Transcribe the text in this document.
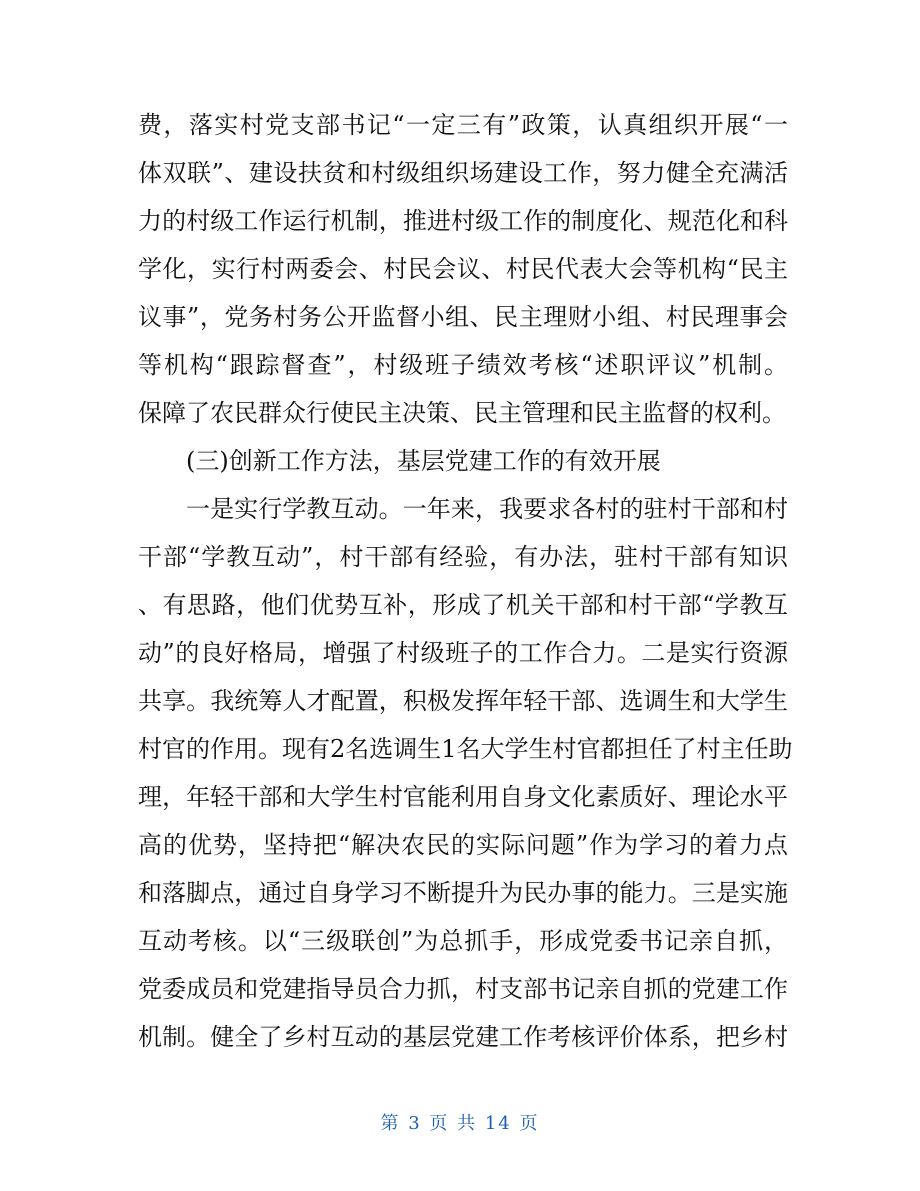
费，落实村党支部书记“一定三有”政策，认真组织开展“一
体双联”、建设扶贫和村级组织场建设工作，努力健全充满活
力的村级工作运行机制，推进村级工作的制度化、规范化和科
学化，实行村两委会、村民会议、村民代表大会等机构“民主
议事”，党务村务公开监督小组、民主理财小组、村民理事会
等机构“跟踪督查”，村级班子绩效考核“述职评议”机制。
保障了农民群众行使民主决策、民主管理和民主监督的权利。
(三)创新工作方法，基层党建工作的有效开展
一是实行学教互动。一年来，我要求各村的驻村干部和村
干部“学教互动”，村干部有经验，有办法，驻村干部有知识
、有思路，他们优势互补，形成了机关干部和村干部“学教互
动”的良好格局，增强了村级班子的工作合力。二是实行资源
共享。我统筹人才配置，积极发挥年轻干部、选调生和大学生
村官的作用。现有2名选调生1名大学生村官都担任了村主任助
理，年轻干部和大学生村官能利用自身文化素质好、理论水平
高的优势，坚持把“解决农民的实际问题”作为学习的着力点
和落脚点，通过自身学习不断提升为民办事的能力。三是实施
互动考核。以“三级联创”为总抓手，形成党委书记亲自抓，
党委成员和党建指导员合力抓，村支部书记亲自抓的党建工作
机制。健全了乡村互动的基层党建工作考核评价体系，把乡村
第 3 页 共 14 页
